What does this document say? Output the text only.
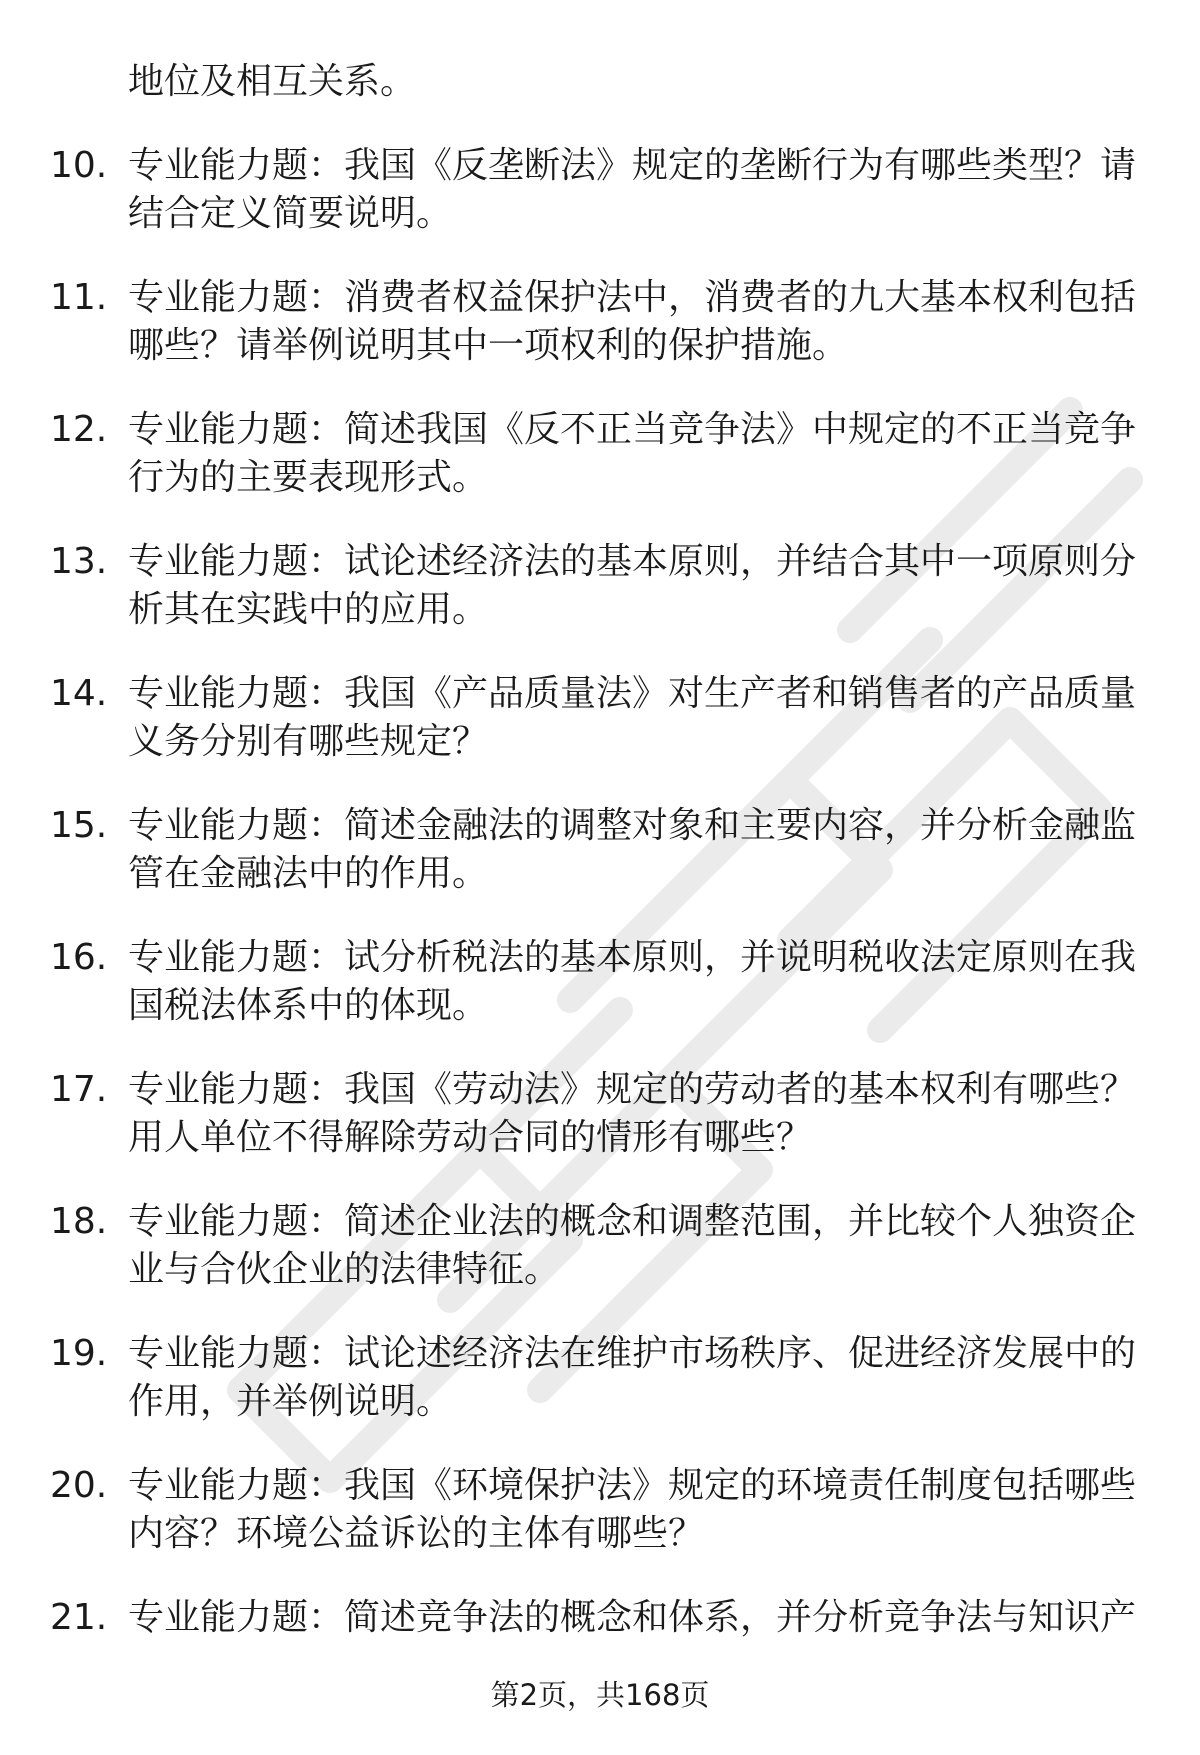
地位及相互关系。

10. 专业能力题：我国《反垄断法》规定的垄断行为有哪些类型？请结合定义简要说明。
11. 专业能力题：消费者权益保护法中，消费者的九大基本权利包括哪些？请举例说明其中一项权利的保护措施。
12. 专业能力题：简述我国《反不正当竞争法》中规定的不正当竞争行为的主要表现形式。
13. 专业能力题：试论述经济法的基本原则，并结合其中一项原则分析其在实践中的应用。
14. 专业能力题：我国《产品质量法》对生产者和销售者的产品质量义务分别有哪些规定？
15. 专业能力题：简述金融法的调整对象和主要内容，并分析金融监管在金融法中的作用。
16. 专业能力题：试分析税法的基本原则，并说明税收法定原则在我国税法体系中的体现。
17. 专业能力题：我国《劳动法》规定的劳动者的基本权利有哪些？用人单位不得解除劳动合同的情形有哪些？
18. 专业能力题：简述企业法的概念和调整范围，并比较个人独资企业与合伙企业的法律特征。
19. 专业能力题：试论述经济法在维护市场秩序、促进经济发展中的作用，并举例说明。
20. 专业能力题：我国《环境保护法》规定的环境责任制度包括哪些内容？环境公益诉讼的主体有哪些？
21. 专业能力题：简述竞争法的概念和体系，并分析竞争法与知识产
第2页，共168页
